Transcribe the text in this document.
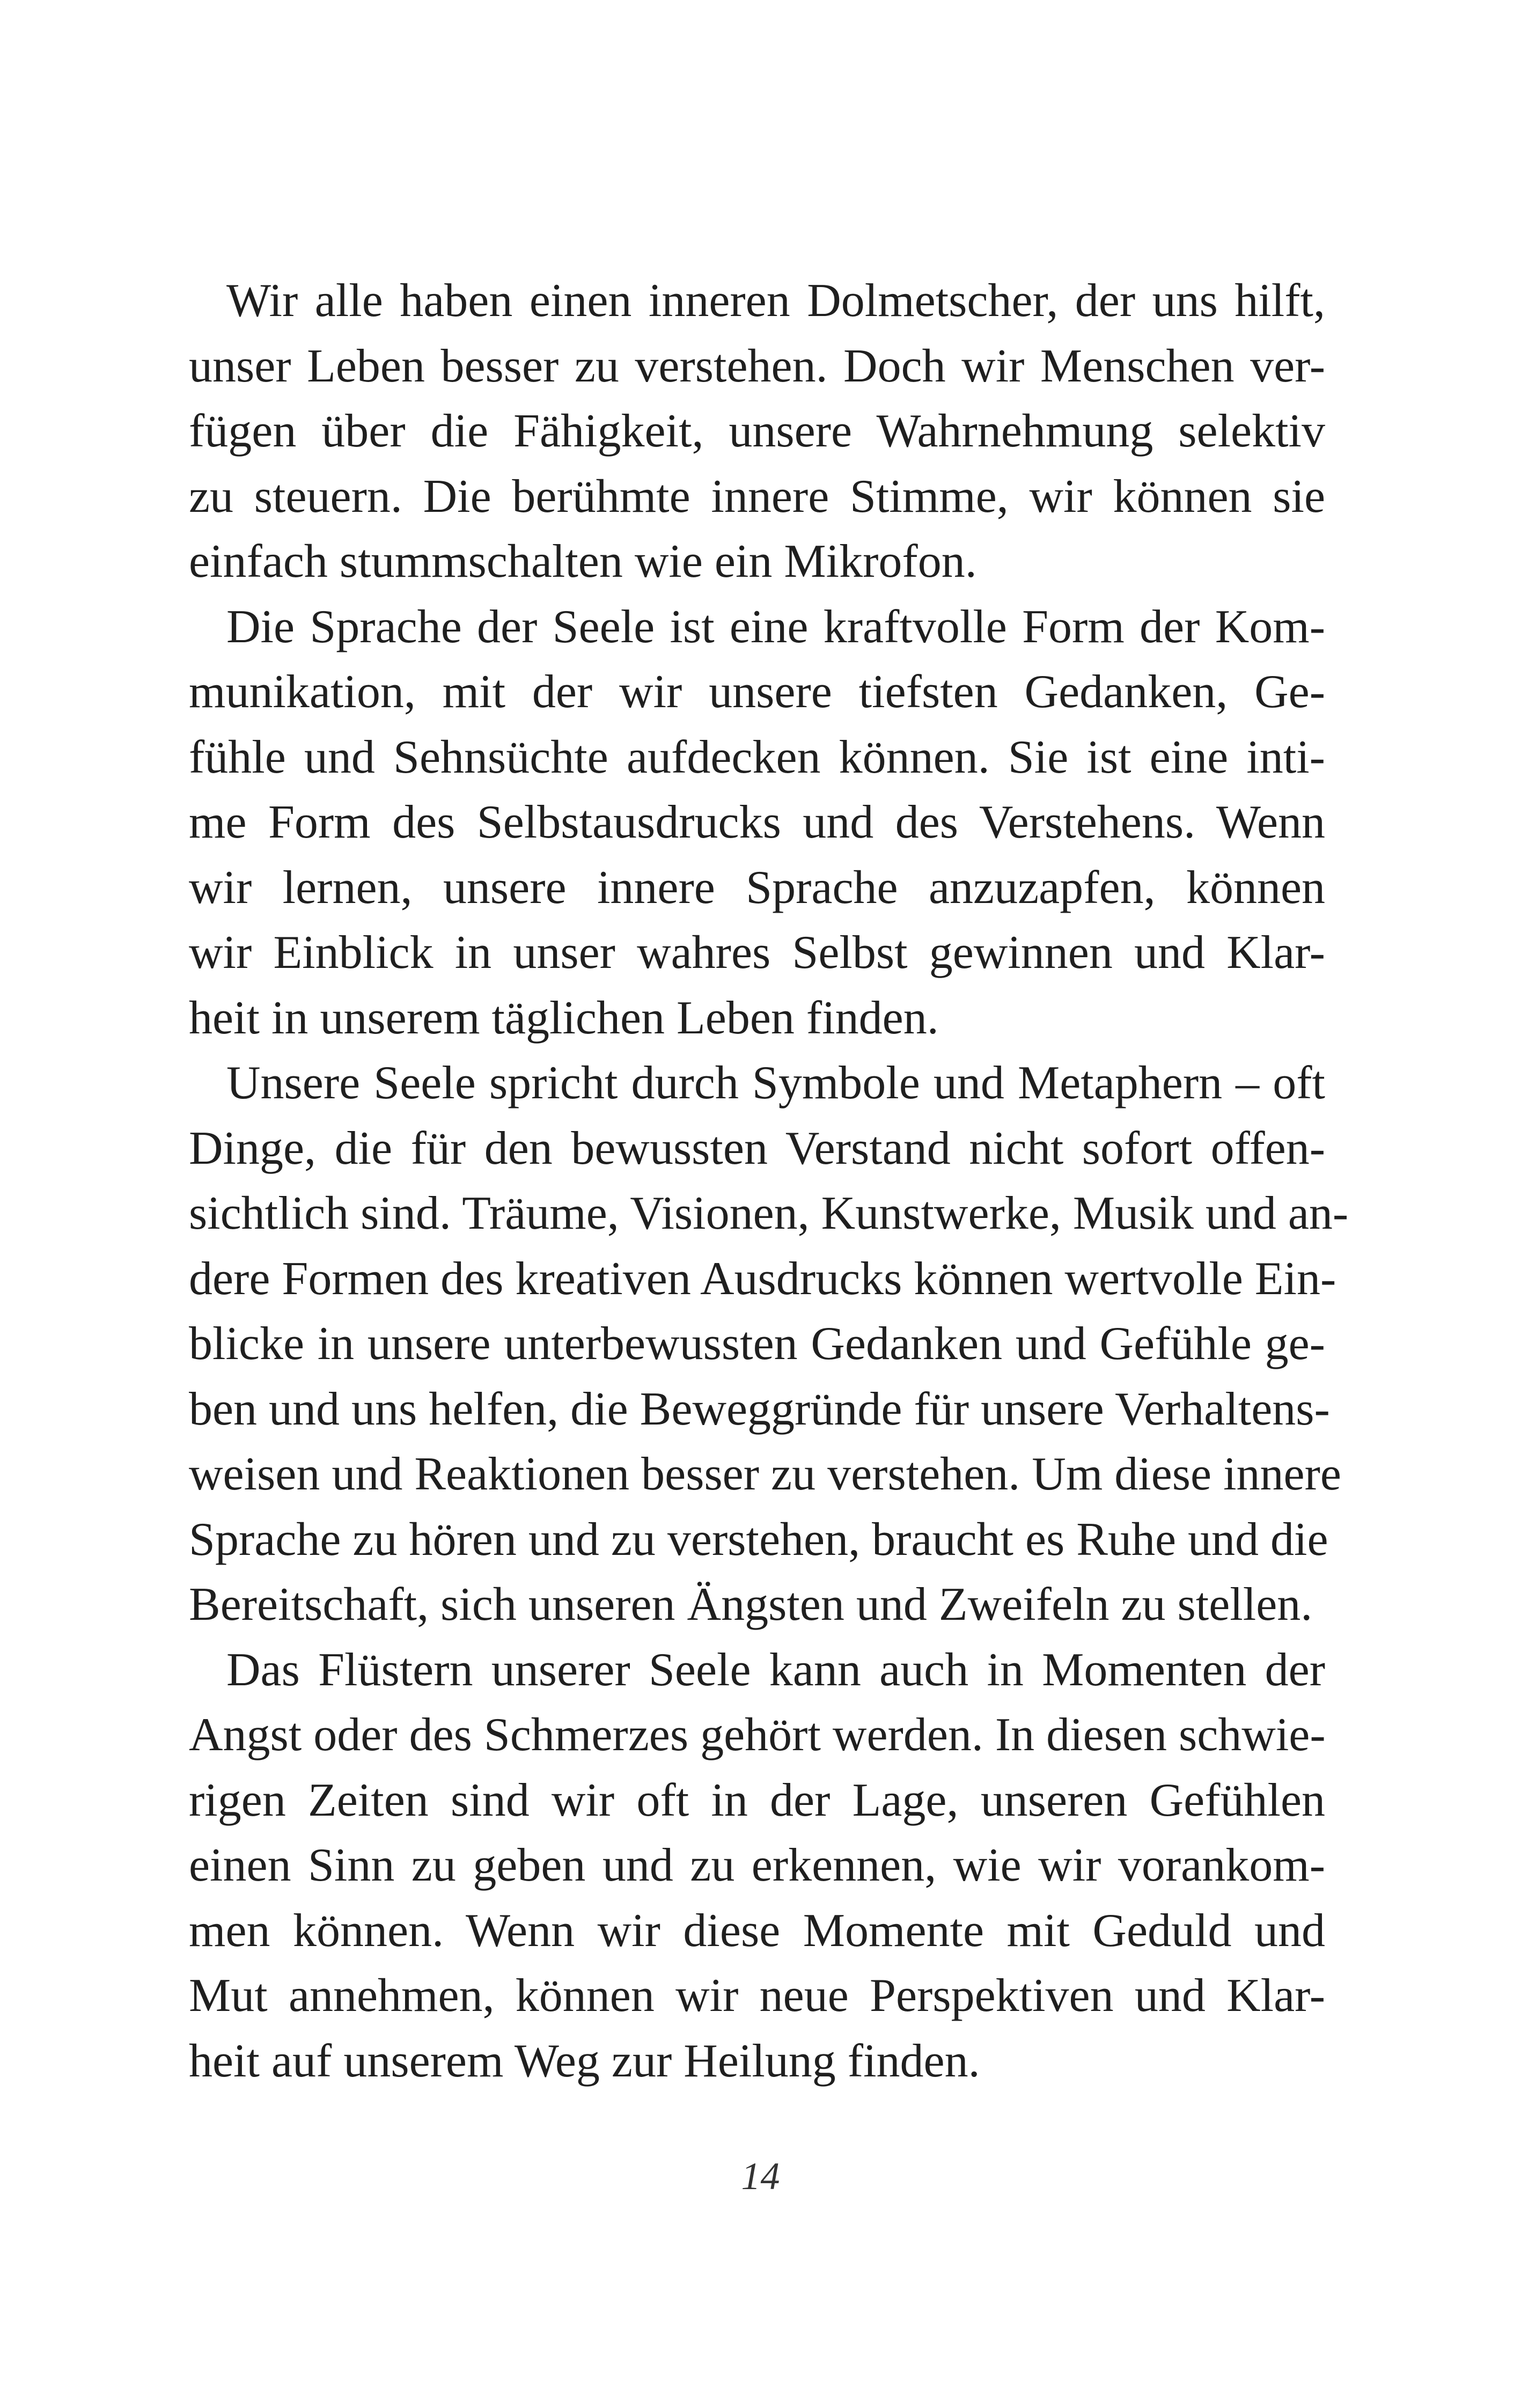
Wir alle haben einen inneren Dolmetscher, der uns hilft,
unser Leben besser zu verstehen. Doch wir Menschen ver-
fügen über die Fähigkeit, unsere Wahrnehmung selektiv
zu steuern. Die berühmte innere Stimme, wir können sie
einfach stummschalten wie ein Mikrofon.
Die Sprache der Seele ist eine kraftvolle Form der Kom-
munikation, mit der wir unsere tiefsten Gedanken, Ge-
fühle und Sehnsüchte aufdecken können. Sie ist eine inti-
me Form des Selbstausdrucks und des Verstehens. Wenn
wir lernen, unsere innere Sprache anzuzapfen, können
wir Einblick in unser wahres Selbst gewinnen und Klar-
heit in unserem täglichen Leben finden.
Unsere Seele spricht durch Symbole und Metaphern – oft
Dinge, die für den bewussten Verstand nicht sofort offen-
sichtlich sind. Träume, Visionen, Kunstwerke, Musik und an-
dere Formen des kreativen Ausdrucks können wertvolle Ein-
blicke in unsere unterbewussten Gedanken und Gefühle ge-
ben und uns helfen, die Beweggründe für unsere Verhaltens-
weisen und Reaktionen besser zu verstehen. Um diese innere
Sprache zu hören und zu verstehen, braucht es Ruhe und die
Bereitschaft, sich unseren Ängsten und Zweifeln zu stellen.
Das Flüstern unserer Seele kann auch in Momenten der
Angst oder des Schmerzes gehört werden. In diesen schwie-
rigen Zeiten sind wir oft in der Lage, unseren Gefühlen
einen Sinn zu geben und zu erkennen, wie wir vorankom-
men können. Wenn wir diese Momente mit Geduld und
Mut annehmen, können wir neue Perspektiven und Klar-
heit auf unserem Weg zur Heilung finden.
14
